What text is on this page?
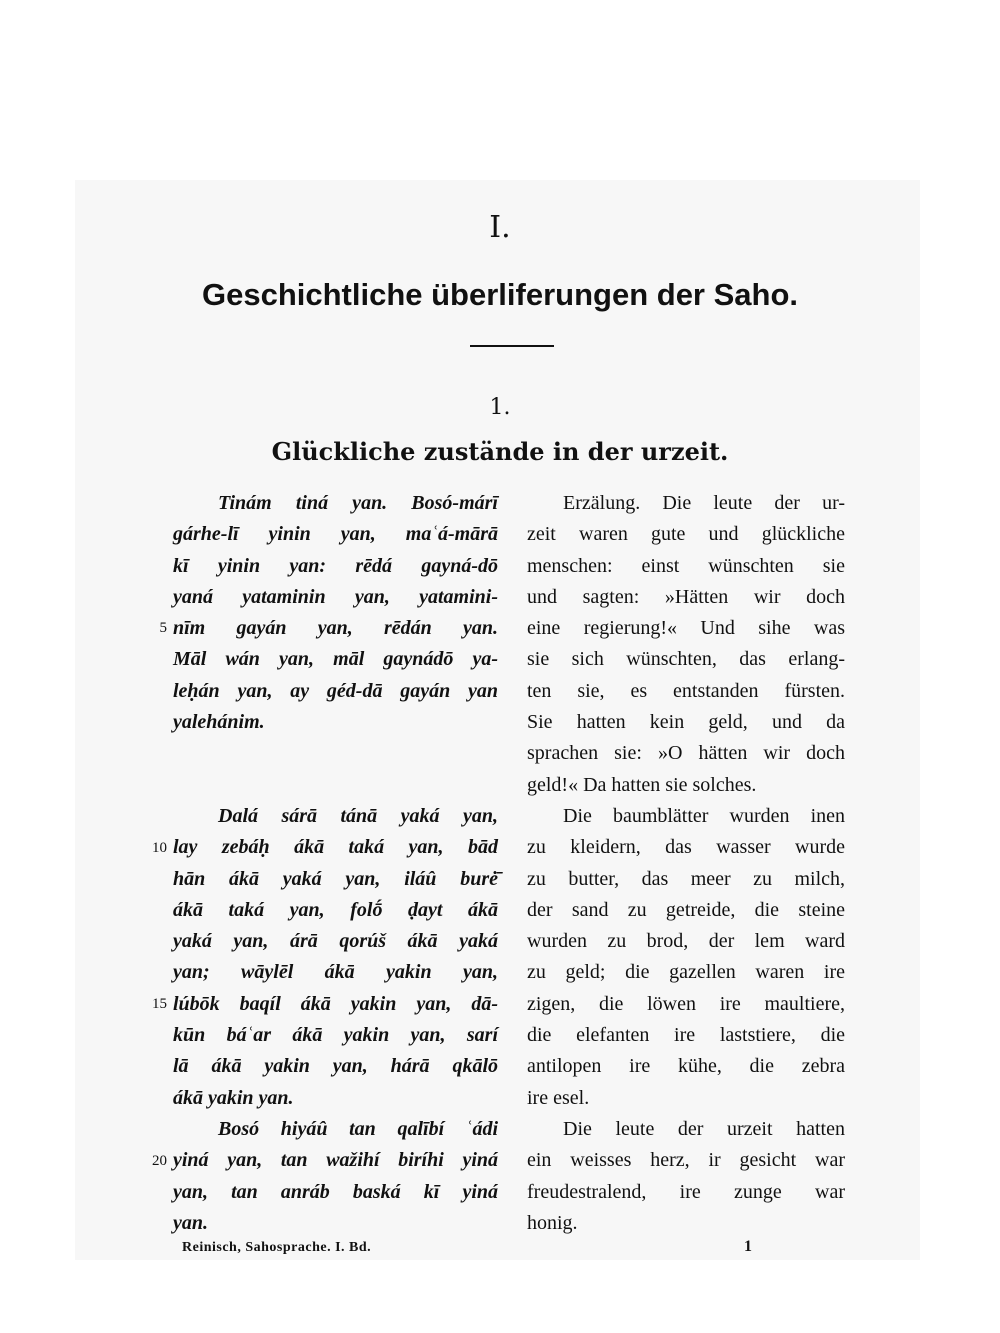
I.
Geschichtliche überliferungen der Saho.
1.
Glückliche zustände in der urzeit.
Tinám tiná yan. Bosó-márī
gárhe-lī yinin yan, maʿá-mārā
kī yinin yan: rēdá gayná-dō
yaná yataminin yan, yatamini-
nīm gayán yan, rēdán yan.
Māl wán yan, māl gaynádō ya-
leḥán yan, ay géd-dā gayán yan
yalehánim.
Dalá sárā tánā yaká yan,
lay zebáḥ ákā taká yan, bād
hān ákā yaká yan, iláû burė̄
ákā taká yan, folṓ ḍayt ákā
yaká yan, árā qorúš ákā yaká
yan; wāylēl ákā yakin yan,
lúbōk baqíl ákā yakin yan, dā-
kūn báʿar ákā yakin yan, sarí
lā ákā yakin yan, hárā qkālō
ákā yakin yan.
Bosó hiyáû tan qalībí ʿádi
yiná yan, tan wažihí biríhi yiná
yan, tan anráb baská kī yiná
yan.
5
10
15
20
Erzälung. Die leute der ur-
zeit waren gute und glückliche
menschen: einst wünschten sie
und sagten: »Hätten wir doch
eine regierung!« Und sihe was
sie sich wünschten, das erlang-
ten sie, es entstanden fürsten.
Sie hatten kein geld, und da
sprachen sie: »O hätten wir doch
geld!« Da hatten sie solches.
Die baumblätter wurden inen
zu kleidern, das wasser wurde
zu butter, das meer zu milch,
der sand zu getreide, die steine
wurden zu brod, der lem ward
zu geld; die gazellen waren ire
zigen, die löwen ire maultiere,
die elefanten ire laststiere, die
antilopen ire kühe, die zebra
ire esel.
Die leute der urzeit hatten
ein weisses herz, ir gesicht war
freudestralend, ire zunge war
honig.
Reinisch, Sahosprache. I. Bd.	1
